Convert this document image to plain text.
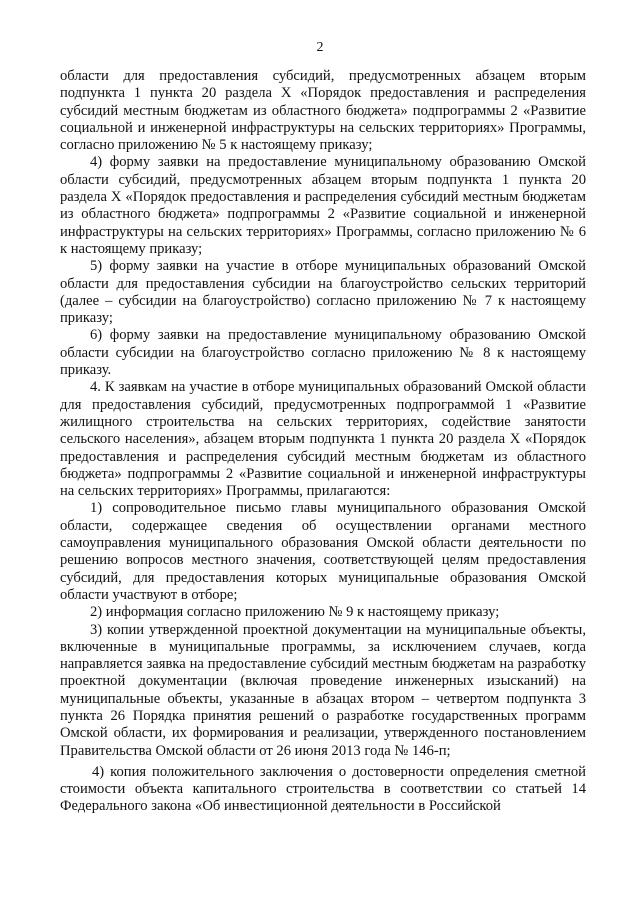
2

области для предоставления субсидий, предусмотренных абзацем вторым подпункта 1 пункта 20 раздела X «Порядок предоставления и распределения субсидий местным бюджетам из областного бюджета» подпрограммы 2 «Развитие социальной и инженерной инфраструктуры на сельских территориях» Программы, согласно приложению № 5 к настоящему приказу;

4) форму заявки на предоставление муниципальному образованию Омской области субсидий, предусмотренных абзацем вторым подпункта 1 пункта 20 раздела X «Порядок предоставления и распределения субсидий местным бюджетам из областного бюджета» подпрограммы 2 «Развитие социальной и инженерной инфраструктуры на сельских территориях» Программы, согласно приложению № 6 к настоящему приказу;

5) форму заявки на участие в отборе муниципальных образований Омской области для предоставления субсидии на благоустройство сельских территорий (далее – субсидии на благоустройство) согласно приложению № 7 к настоящему приказу;

6) форму заявки на предоставление муниципальному образованию Омской области субсидии на благоустройство согласно приложению № 8 к настоящему приказу.

4. К заявкам на участие в отборе муниципальных образований Омской области для предоставления субсидий, предусмотренных подпрограммой 1 «Развитие жилищного строительства на сельских территориях, содействие занятости сельского населения», абзацем вторым подпункта 1 пункта 20 раздела X «Порядок предоставления и распределения субсидий местным бюджетам из областного бюджета» подпрограммы 2 «Развитие социальной и инженерной инфраструктуры на сельских территориях» Программы, прилагаются:

1) сопроводительное письмо главы муниципального образования Омской области, содержащее сведения об осуществлении органами местного самоуправления муниципального образования Омской области деятельности по решению вопросов местного значения, соответствующей целям предоставления субсидий, для предоставления которых муниципальные образования Омской области участвуют в отборе;

2) информация согласно приложению № 9 к настоящему приказу;

3) копии утвержденной проектной документации на муниципальные объекты, включенные в муниципальные программы, за исключением случаев, когда направляется заявка на предоставление субсидий местным бюджетам на разработку проектной документации (включая проведение инженерных изысканий) на муниципальные объекты, указанные в абзацах втором – четвертом подпункта 3 пункта 26 Порядка принятия решений о разработке государственных программ Омской области, их формирования и реализации, утвержденного постановлением Правительства Омской области от 26 июня 2013 года № 146-п;

4) копия положительного заключения о достоверности определения сметной стоимости объекта капитального строительства в соответствии со статьей 14 Федерального закона «Об инвестиционной деятельности в Российской
